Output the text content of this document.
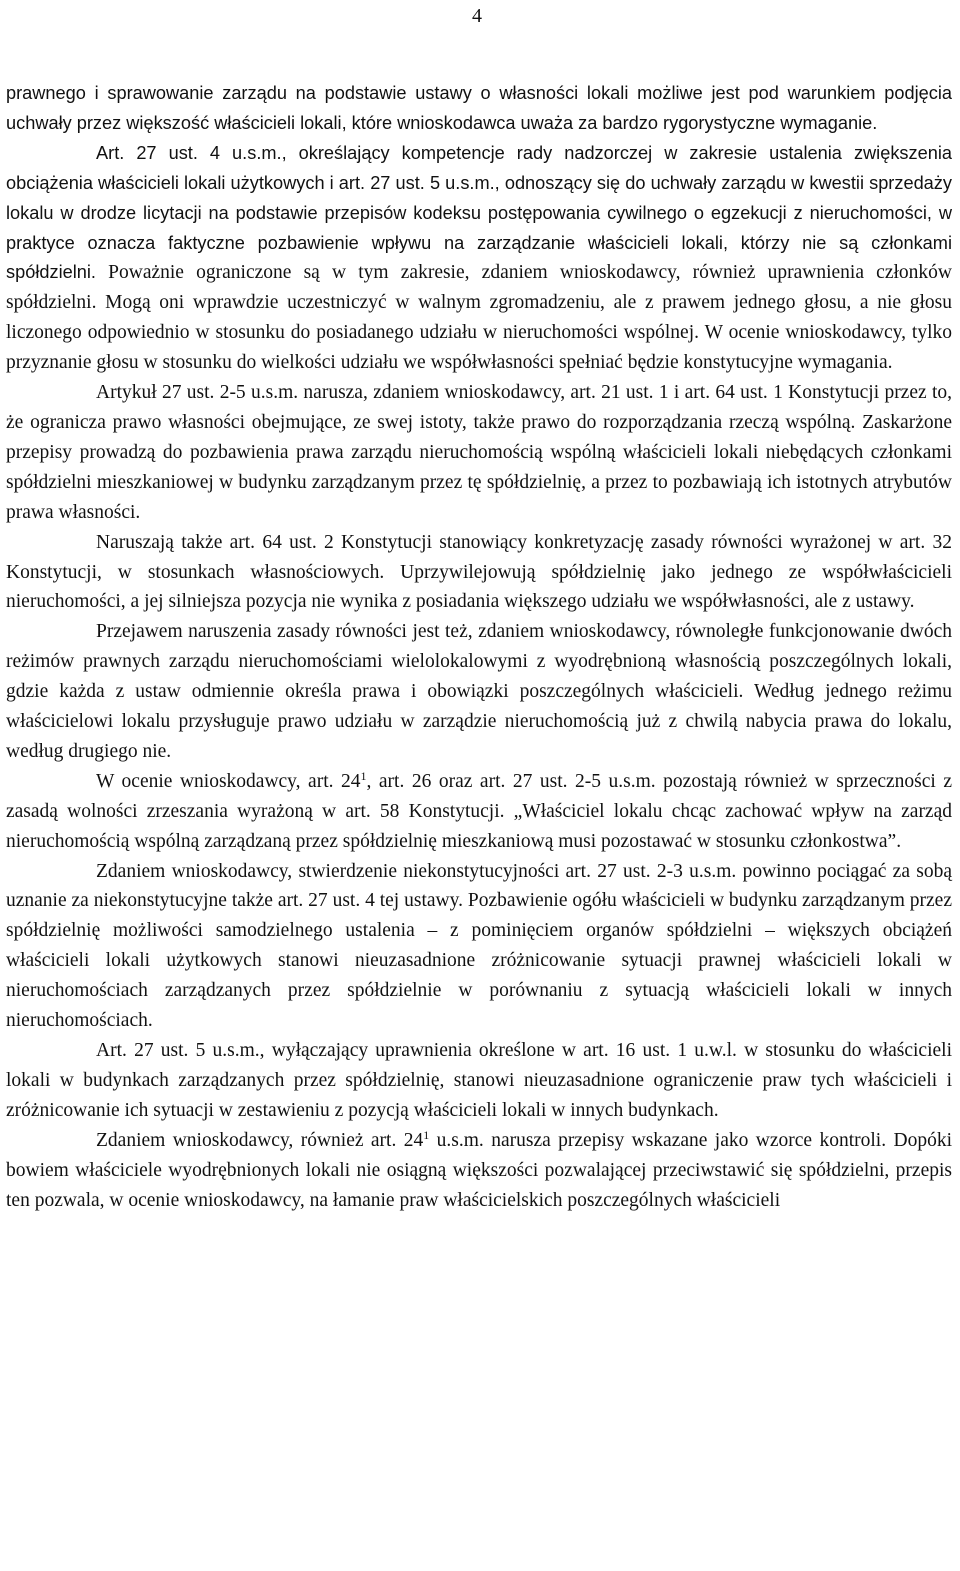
4

prawnego i sprawowanie zarządu na podstawie ustawy o własności lokali możliwe jest pod warunkiem podjęcia uchwały przez większość właścicieli lokali, które wnioskodawca uważa za bardzo rygorystyczne wymaganie.

Art. 27 ust. 4 u.s.m., określający kompetencje rady nadzorczej w zakresie ustalenia zwiększenia obciążenia właścicieli lokali użytkowych i art. 27 ust. 5 u.s.m., odnoszący się do uchwały zarządu w kwestii sprzedaży lokalu w drodze licytacji na podstawie przepisów kodeksu postępowania cywilnego o egzekucji z nieruchomości, w praktyce oznacza faktyczne pozbawienie wpływu na zarządzanie właścicieli lokali, którzy nie są członkami spółdzielni. Poważnie ograniczone są w tym zakresie, zdaniem wnioskodawcy, również uprawnienia członków spółdzielni. Mogą oni wprawdzie uczestniczyć w walnym zgromadzeniu, ale z prawem jednego głosu, a nie głosu liczonego odpowiednio w stosunku do posiadanego udziału w nieruchomości wspólnej. W ocenie wnioskodawcy, tylko przyznanie głosu w stosunku do wielkości udziału we współwłasności spełniać będzie konstytucyjne wymagania.

Artykuł 27 ust. 2-5 u.s.m. narusza, zdaniem wnioskodawcy, art. 21 ust. 1 i art. 64 ust. 1 Konstytucji przez to, że ogranicza prawo własności obejmujące, ze swej istoty, także prawo do rozporządzania rzeczą wspólną. Zaskarżone przepisy prowadzą do pozbawienia prawa zarządu nieruchomością wspólną właścicieli lokali niebędących członkami spółdzielni mieszkaniowej w budynku zarządzanym przez tę spółdzielnię, a przez to pozbawiają ich istotnych atrybutów prawa własności.

Naruszają także art. 64 ust. 2 Konstytucji stanowiący konkretyzację zasady równości wyrażonej w art. 32 Konstytucji, w stosunkach własnościowych. Uprzywilejowują spółdzielnię jako jednego ze współwłaścicieli nieruchomości, a jej silniejsza pozycja nie wynika z posiadania większego udziału we współwłasności, ale z ustawy.

Przejawem naruszenia zasady równości jest też, zdaniem wnioskodawcy, równoległe funkcjonowanie dwóch reżimów prawnych zarządu nieruchomościami wielolokalowymi z wyodrębnioną własnością poszczególnych lokali, gdzie każda z ustaw odmiennie określa prawa i obowiązki poszczególnych właścicieli. Według jednego reżimu właścicielowi lokalu przysługuje prawo udziału w zarządzie nieruchomością już z chwilą nabycia prawa do lokalu, według drugiego nie.

W ocenie wnioskodawcy, art. $24^1$, art. 26 oraz art. 27 ust. 2-5 u.s.m. pozostają również w sprzeczności z zasadą wolności zrzeszania wyrażoną w art. 58 Konstytucji. „Właściciel lokalu chcąc zachować wpływ na zarząd nieruchomością wspólną zarządzaną przez spółdzielnię mieszkaniową musi pozostawać w stosunku członkostwa”.

Zdaniem wnioskodawcy, stwierdzenie niekonstytucyjności art. 27 ust. 2-3 u.s.m. powinno pociągać za sobą uznanie za niekonstytucyjne także art. 27 ust. 4 tej ustawy. Pozbawienie ogółu właścicieli w budynku zarządzanym przez spółdzielnię możliwości samodzielnego ustalenia – z pominięciem organów spółdzielni – większych obciążeń właścicieli lokali użytkowych stanowi nieuzasadnione zróżnicowanie sytuacji prawnej właścicieli lokali w nieruchomościach zarządzanych przez spółdzielnie w porównaniu z sytuacją właścicieli lokali w innych nieruchomościach.

Art. 27 ust. 5 u.s.m., wyłączający uprawnienia określone w art. 16 ust. 1 u.w.l. w stosunku do właścicieli lokali w budynkach zarządzanych przez spółdzielnię, stanowi nieuzasadnione ograniczenie praw tych właścicieli i zróżnicowanie ich sytuacji w zestawieniu z pozycją właścicieli lokali w innych budynkach.

Zdaniem wnioskodawcy, również art. $24^1$ u.s.m. narusza przepisy wskazane jako wzorce kontroli. Dopóki bowiem właściciele wyodrębnionych lokali nie osiągną większości pozwalającej przeciwstawić się spółdzielni, przepis ten pozwala, w ocenie wnioskodawcy, na łamanie praw właścicielskich poszczególnych właścicieli
